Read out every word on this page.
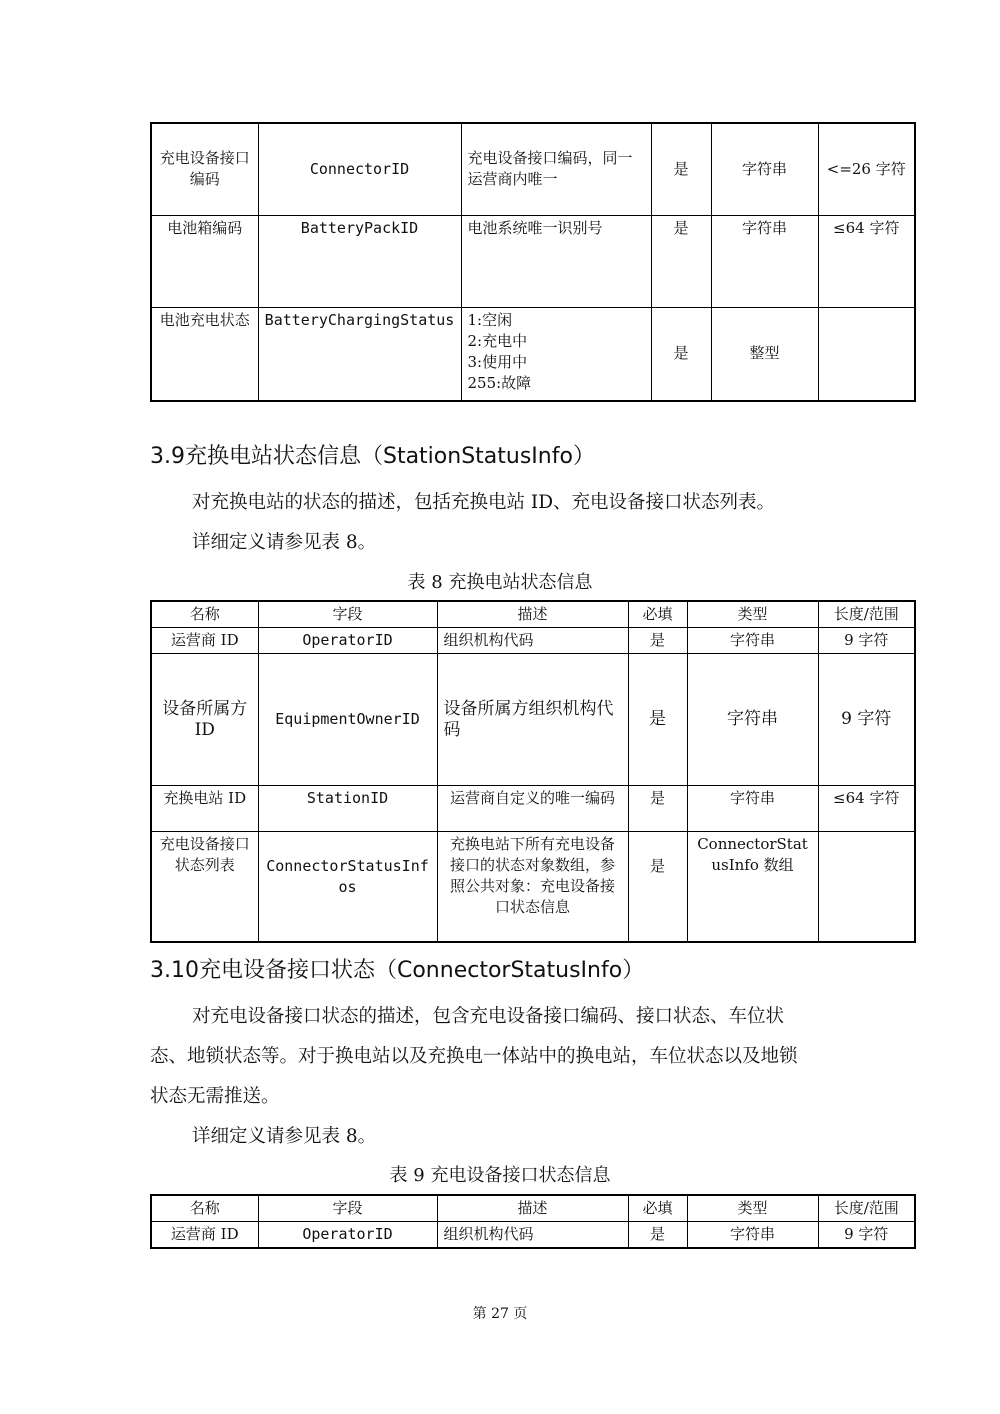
充电设备接口编码	ConnectorID	充电设备接口编码，同一运营商内唯一	是	字符串	<=26 字符
电池箱编码	BatteryPackID	电池系统唯一识别号	是	字符串	≤64 字符
电池充电状态	BatteryChargingStatus	1:空闲
2:充电中
3:使用中
255:故障	是	整型	
3.9充换电站状态信息（StationStatusInfo）
对充换电站的状态的描述，包括充换电站 ID、充电设备接口状态列表。
详细定义请参见表 8。
表 8 充换电站状态信息
名称	字段	描述	必填	类型	长度/范围
运营商 ID	OperatorID	组织机构代码	是	字符串	9 字符
设备所属方 ID	EquipmentOwnerID	设备所属方组织机构代码	是	字符串	9 字符
充换电站 ID	StationID	运营商自定义的唯一编码	是	字符串	≤64 字符
充电设备接口状态列表	ConnectorStatusInfos	充换电站下所有充电设备接口的状态对象数组，参照公共对象：充电设备接口状态信息	是	ConnectorStatusInfo 数组	
3.10充电设备接口状态（ConnectorStatusInfo）
对充电设备接口状态的描述，包含充电设备接口编码、接口状态、车位状
态、地锁状态等。对于换电站以及充换电一体站中的换电站，车位状态以及地锁
状态无需推送。
详细定义请参见表 8。
表 9 充电设备接口状态信息
名称	字段	描述	必填	类型	长度/范围
运营商 ID	OperatorID	组织机构代码	是	字符串	9 字符
第 27 页
